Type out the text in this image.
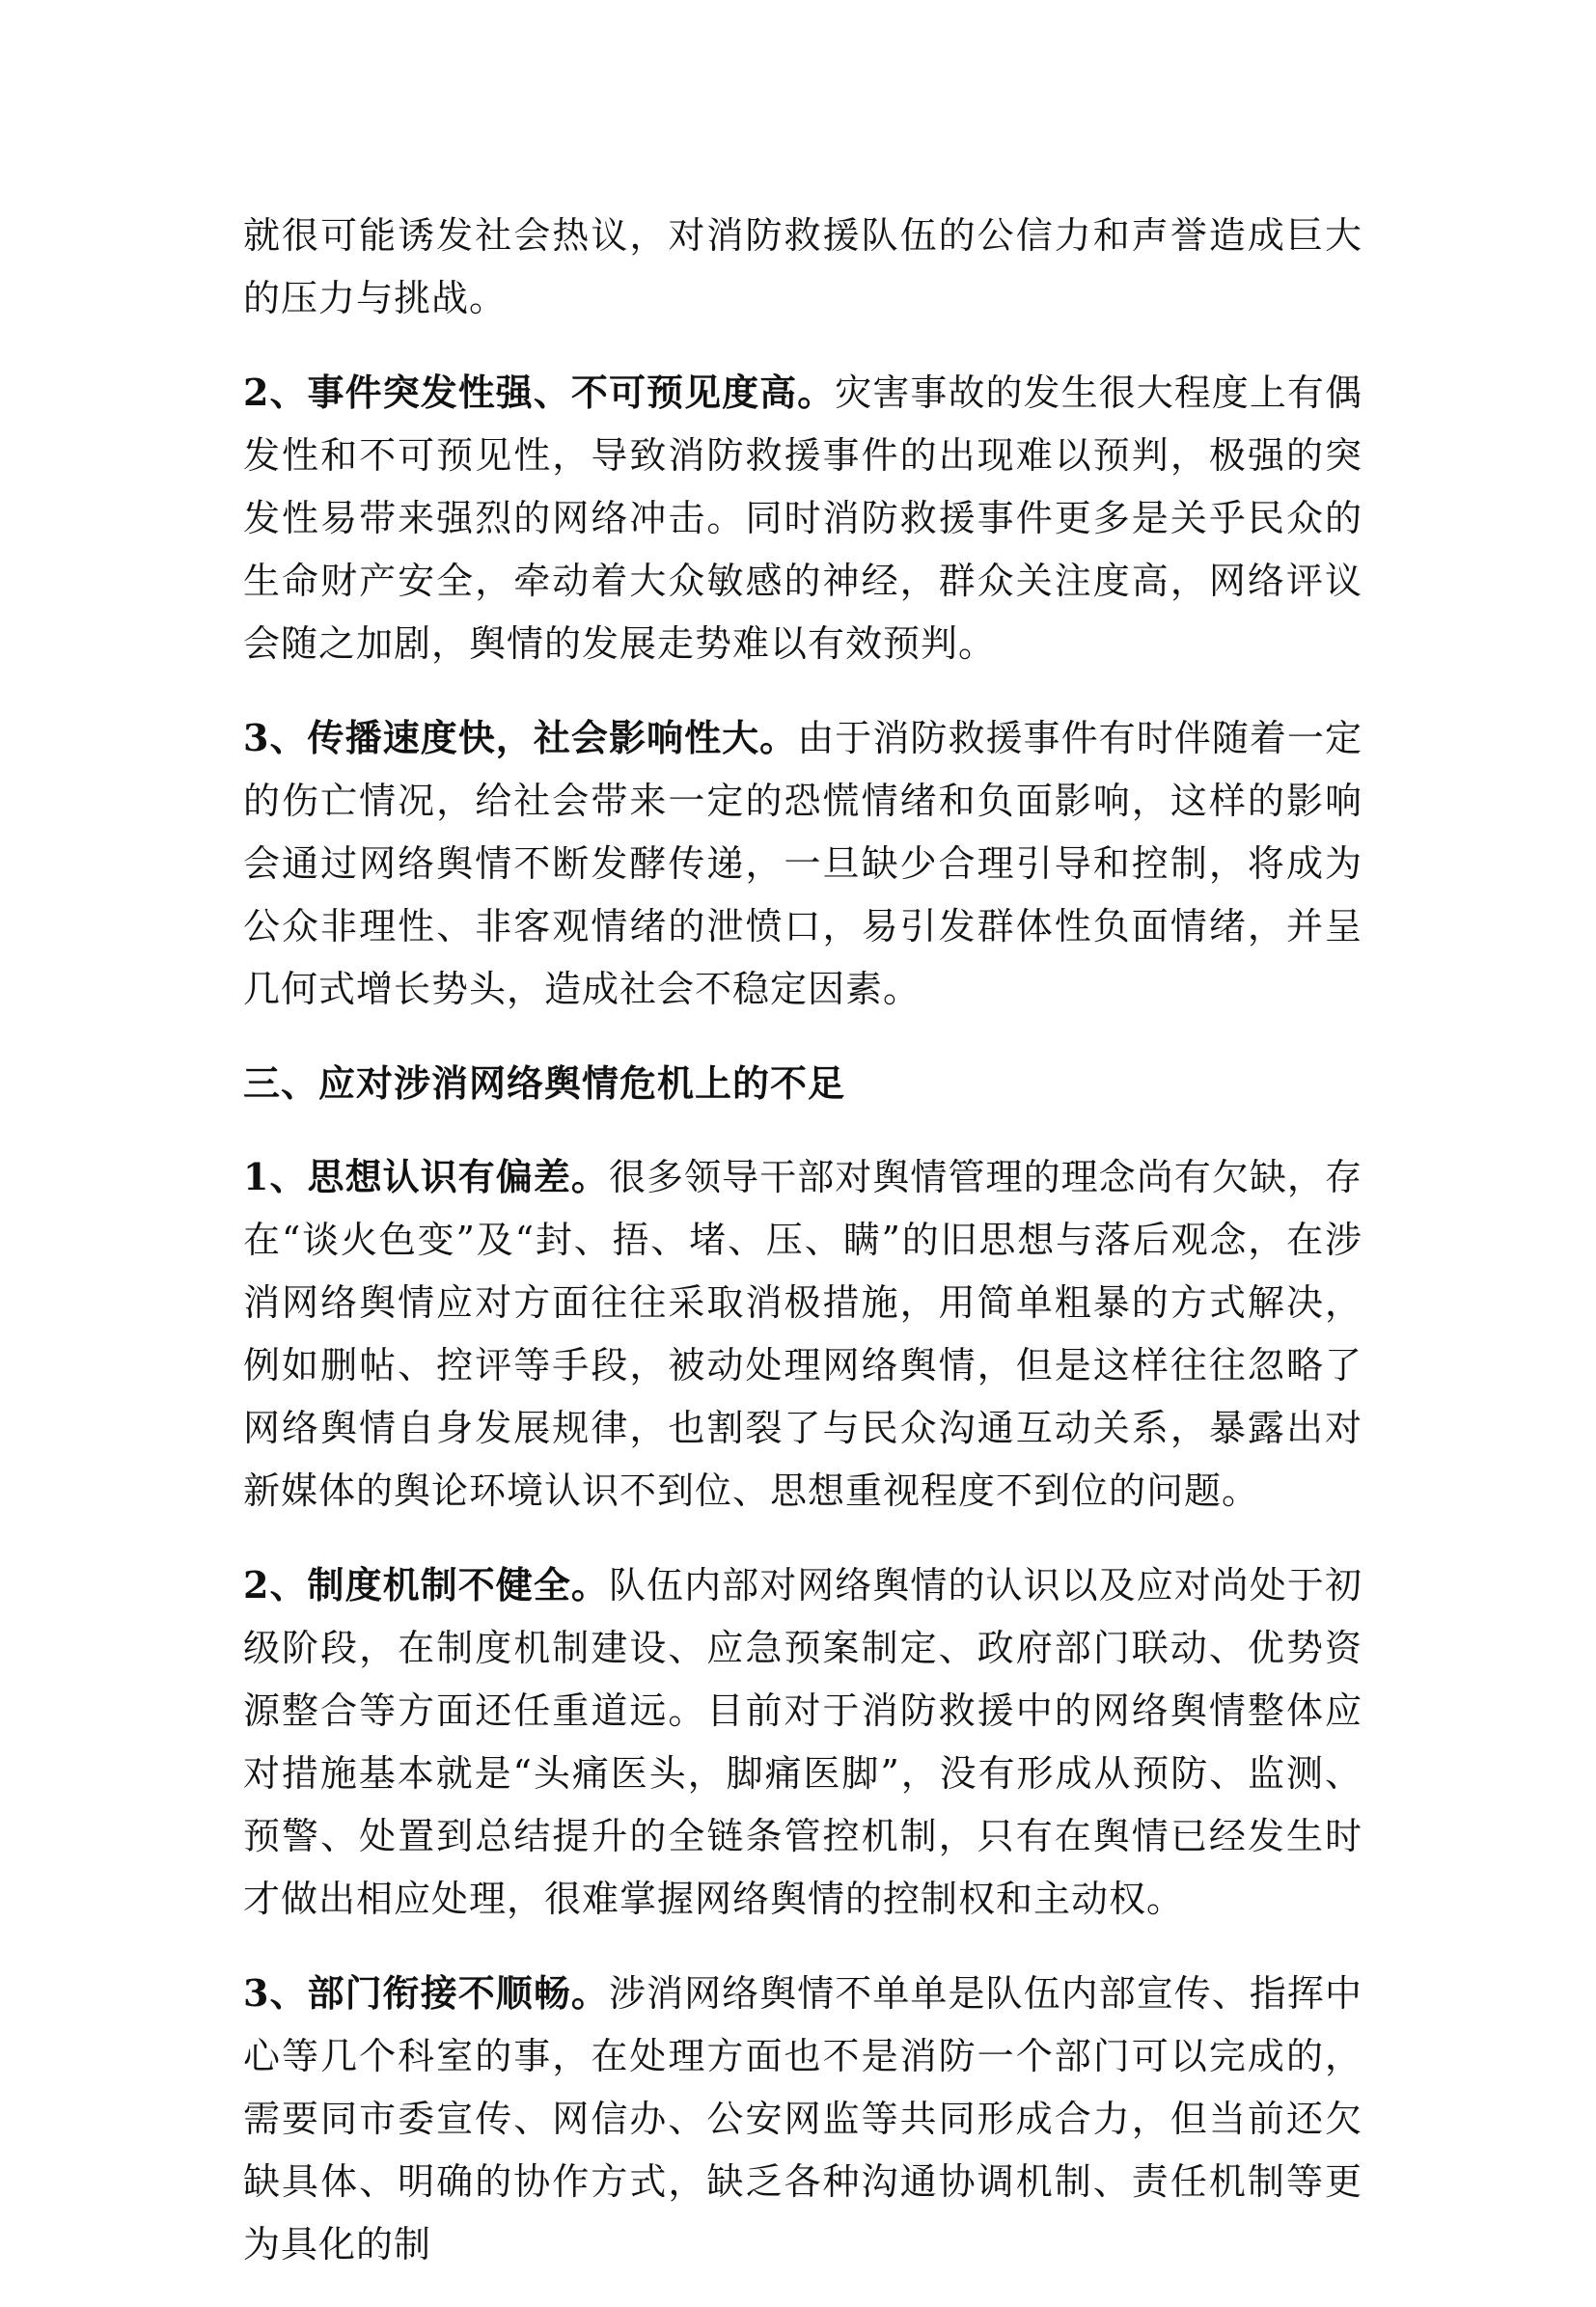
就很可能诱发社会热议，对消防救援队伍的公信力和声誉造成巨大的压力与挑战。

2、事件突发性强、不可预见度高。灾害事故的发生很大程度上有偶发性和不可预见性，导致消防救援事件的出现难以预判，极强的突发性易带来强烈的网络冲击。同时消防救援事件更多是关乎民众的生命财产安全，牵动着大众敏感的神经，群众关注度高，网络评议会随之加剧，舆情的发展走势难以有效预判。

3、传播速度快，社会影响性大。由于消防救援事件有时伴随着一定的伤亡情况，给社会带来一定的恐慌情绪和负面影响，这样的影响会通过网络舆情不断发酵传递，一旦缺少合理引导和控制，将成为公众非理性、非客观情绪的泄愤口，易引发群体性负面情绪，并呈几何式增长势头，造成社会不稳定因素。

三、应对涉消网络舆情危机上的不足

1、思想认识有偏差。很多领导干部对舆情管理的理念尚有欠缺，存在“谈火色变”及“封、捂、堵、压、瞒”的旧思想与落后观念，在涉消网络舆情应对方面往往采取消极措施，用简单粗暴的方式解决，例如删帖、控评等手段，被动处理网络舆情，但是这样往往忽略了网络舆情自身发展规律，也割裂了与民众沟通互动关系，暴露出对新媒体的舆论环境认识不到位、思想重视程度不到位的问题。

2、制度机制不健全。队伍内部对网络舆情的认识以及应对尚处于初级阶段，在制度机制建设、应急预案制定、政府部门联动、优势资源整合等方面还任重道远。目前对于消防救援中的网络舆情整体应对措施基本就是“头痛医头，脚痛医脚”，没有形成从预防、监测、预警、处置到总结提升的全链条管控机制，只有在舆情已经发生时才做出相应处理，很难掌握网络舆情的控制权和主动权。

3、部门衔接不顺畅。涉消网络舆情不单单是队伍内部宣传、指挥中心等几个科室的事，在处理方面也不是消防一个部门可以完成的，需要同市委宣传、网信办、公安网监等共同形成合力，但当前还欠缺具体、明确的协作方式，缺乏各种沟通协调机制、责任机制等更为具化的制
